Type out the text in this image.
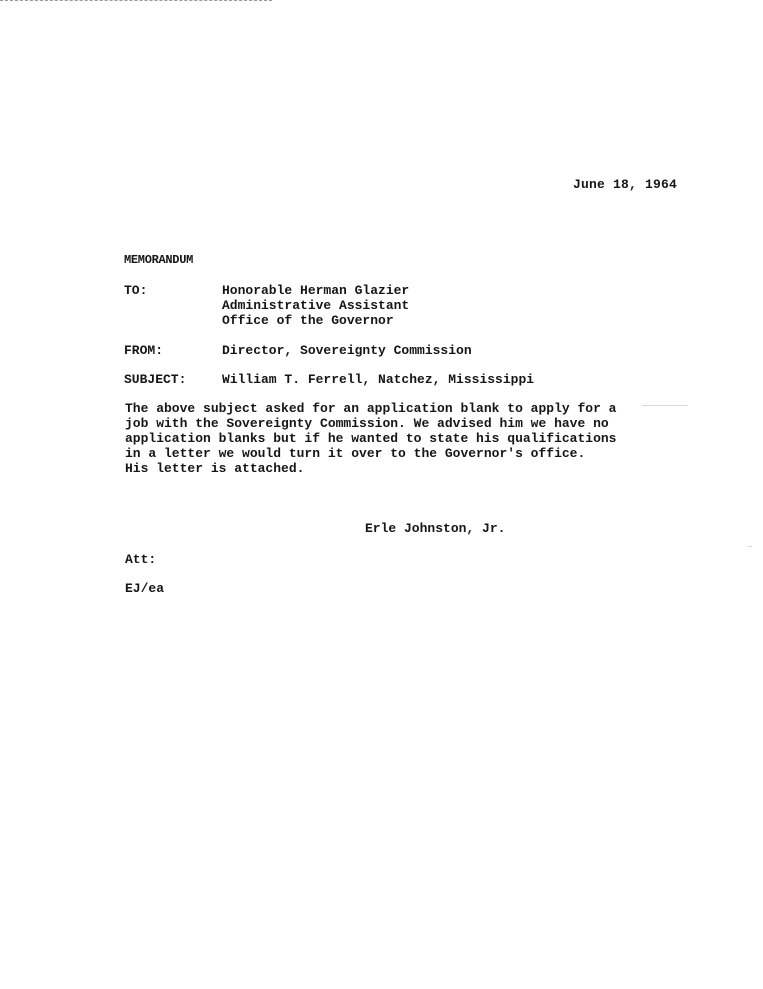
June 18, 1964
MEMORANDUM
TO:	Honorable Herman Glazier
Administrative Assistant
Office of the Governor
FROM:	Director, Sovereignty Commission
SUBJECT:	William T. Ferrell, Natchez, Mississippi
The above subject asked for an application blank to apply for a
job with the Sovereignty Commission. We advised him we have no
application blanks but if he wanted to state his qualifications
in a letter we would turn it over to the Governor's office.
His letter is attached.
Erle Johnston, Jr.
Att:
EJ/ea
